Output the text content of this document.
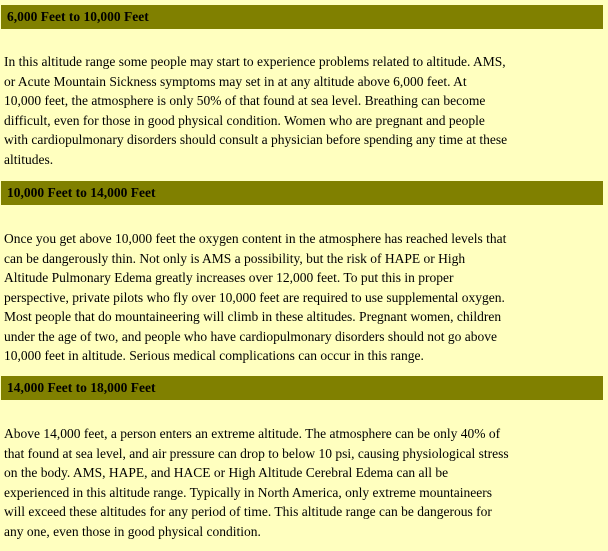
6,000 Feet to 10,000 Feet
In this altitude range some people may start to experience problems related to altitude. AMS,
or Acute Mountain Sickness symptoms may set in at any altitude above 6,000 feet. At
10,000 feet, the atmosphere is only 50% of that found at sea level. Breathing can become
difficult, even for those in good physical condition. Women who are pregnant and people
with cardiopulmonary disorders should consult a physician before spending any time at these
altitudes.
10,000 Feet to 14,000 Feet
Once you get above 10,000 feet the oxygen content in the atmosphere has reached levels that
can be dangerously thin. Not only is AMS a possibility, but the risk of HAPE or High
Altitude Pulmonary Edema greatly increases over 12,000 feet. To put this in proper
perspective, private pilots who fly over 10,000 feet are required to use supplemental oxygen.
Most people that do mountaineering will climb in these altitudes. Pregnant women, children
under the age of two, and people who have cardiopulmonary disorders should not go above
10,000 feet in altitude. Serious medical complications can occur in this range.
14,000 Feet to 18,000 Feet
Above 14,000 feet, a person enters an extreme altitude. The atmosphere can be only 40% of
that found at sea level, and air pressure can drop to below 10 psi, causing physiological stress
on the body. AMS, HAPE, and HACE or High Altitude Cerebral Edema can all be
experienced in this altitude range. Typically in North America, only extreme mountaineers
will exceed these altitudes for any period of time. This altitude range can be dangerous for
any one, even those in good physical condition.
